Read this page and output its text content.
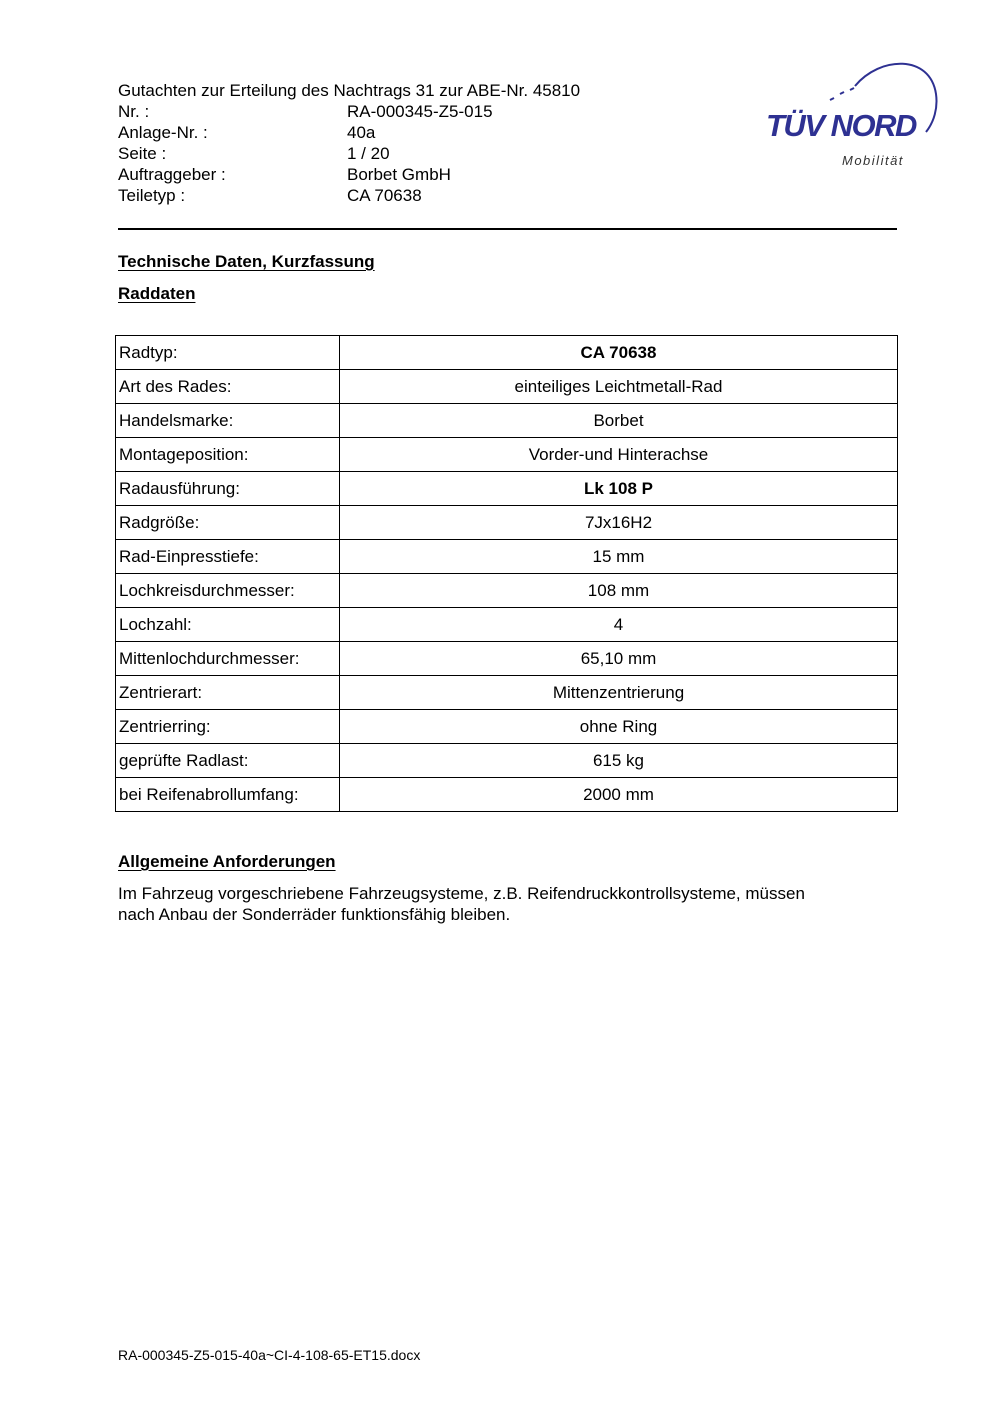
Gutachten zur Erteilung des Nachtrags 31 zur ABE-Nr. 45810
Nr. :	RA-000345-Z5-015
Anlage-Nr. :	40a
Seite :	1 / 20
Auftraggeber :	Borbet GmbH
Teiletyp :	CA 70638
TÜV NORD
Mobilität
Technische Daten, Kurzfassung
Raddaten
Radtyp:	CA 70638
Art des Rades:	einteiliges Leichtmetall-Rad
Handelsmarke:	Borbet
Montageposition:	Vorder-und Hinterachse
Radausführung:	Lk 108 P
Radgröße:	7Jx16H2
Rad-Einpresstiefe:	15 mm
Lochkreisdurchmesser:	108 mm
Lochzahl:	4
Mittenlochdurchmesser:	65,10 mm
Zentrierart:	Mittenzentrierung
Zentrierring:	ohne Ring
geprüfte Radlast:	615 kg
bei Reifenabrollumfang:	2000 mm
Allgemeine Anforderungen
Im Fahrzeug vorgeschriebene Fahrzeugsysteme, z.B. Reifendruckkontrollsysteme, müssen
nach Anbau der Sonderräder funktionsfähig bleiben.
RA-000345-Z5-015-40a~CI-4-108-65-ET15.docx
